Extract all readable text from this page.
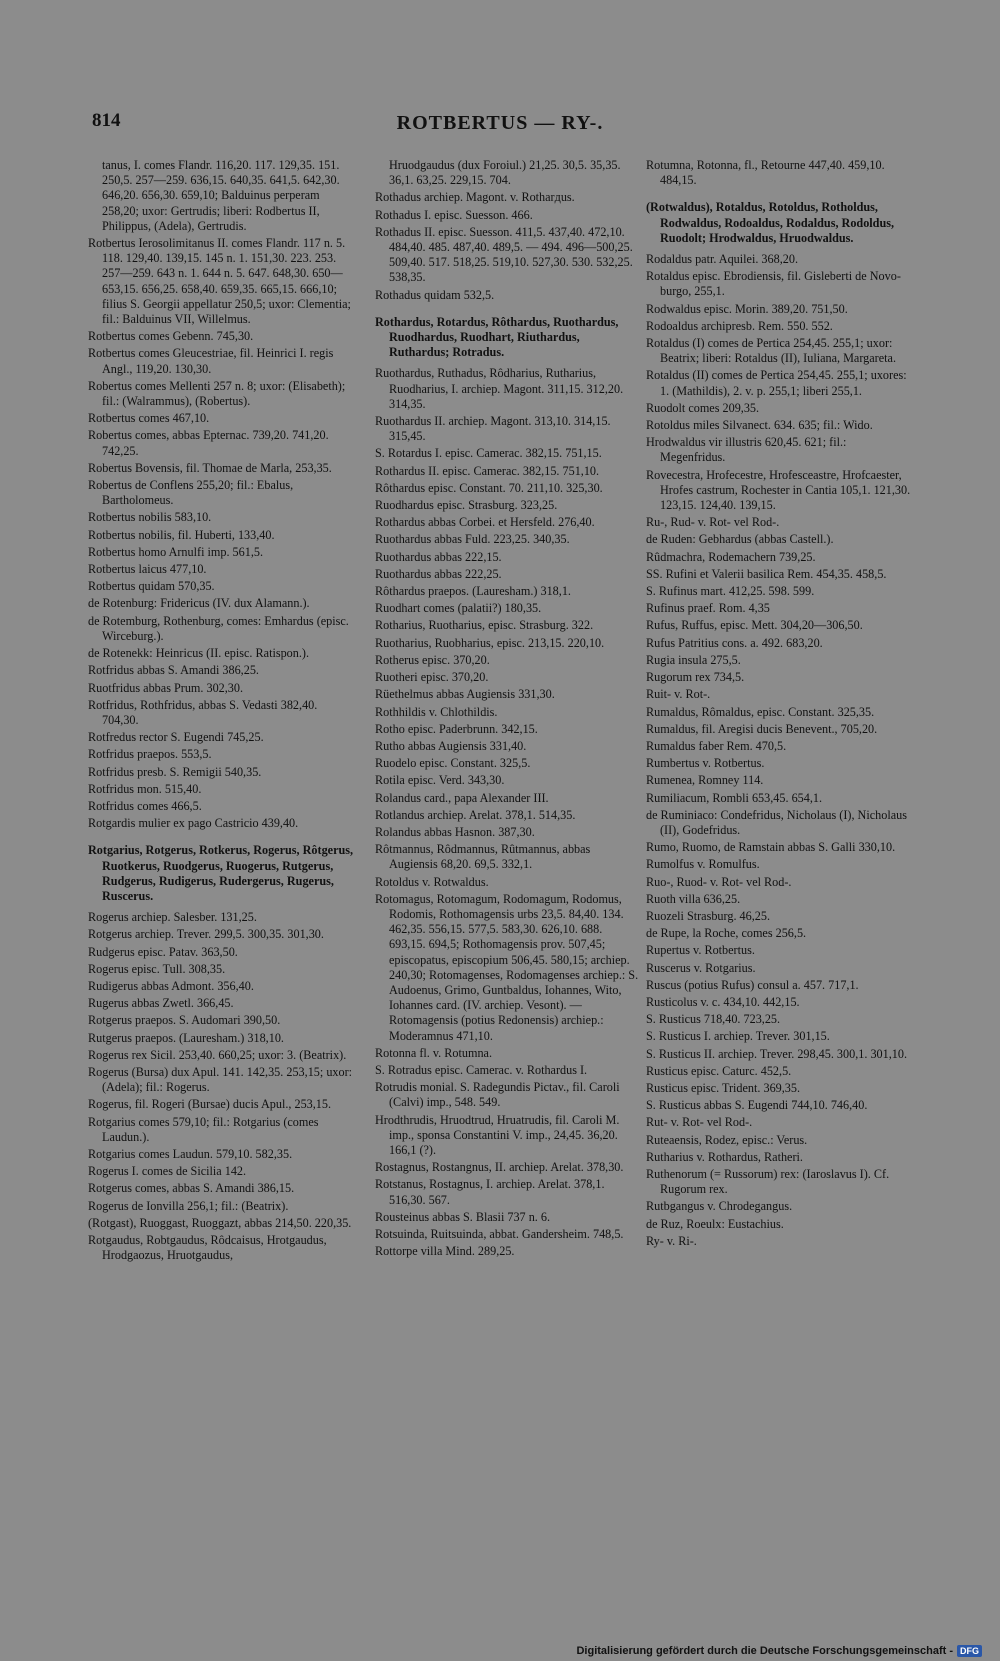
814	ROTBERTUS — RY-.

tanus, I. comes Flandr. 116,20. 117. 129,35. 151. 250,5. 257—259. 636,15. 640,35. 641,5. 642,30. 646,20. 656,30. 659,10; Balduinus perperam 258,20; uxor: Gertrudis; liberi: Rodbertus II, Philippus, (Adela), Gertrudis.

Rotbertus Ierosolimitanus II. comes Flandr. 117 n. 5. 118. 129,40. 139,15. 145 n. 1. 151,30. 223. 253. 257—259. 643 n. 1. 644 n. 5. 647. 648,30. 650—653,15. 656,25. 658,40. 659,35. 665,15. 666,10; filius S. Georgii appellatur 250,5; uxor: Clementia; fil.: Balduinus VII, Willelmus.

Rotbertus comes Gebenn. 745,30.

Rotbertus comes Gleucestriae, fil. Heinrici I. regis Angl., 119,20. 130,30.

Robertus comes Mellenti 257 n. 8; uxor: (Elisabeth); fil.: (Walrammus), (Robertus).

Rotbertus comes 467,10.

Robertus comes, abbas Epternac. 739,20. 741,20. 742,25.

Robertus Bovensis, fil. Thomae de Marla, 253,35.

Robertus de Conflens 255,20; fil.: Ebalus, Bartholomeus.

Rotbertus nobilis 583,10.

Rotbertus nobilis, fil. Huberti, 133,40.

Rotbertus homo Arnulfi imp. 561,5.

Rotbertus laicus 477,10.

Rotbertus quidam 570,35.

de Rotenburg: Fridericus (IV. dux Alamann.).

de Rotemburg, Rothenburg, comes: Emhardus (episc. Wirceburg.).

de Rotenekk: Heinricus (II. episc. Ratispon.).

Rotfridus abbas S. Amandi 386,25.

Ruotfridus abbas Prum. 302,30.

Rotfridus, Rothfridus, abbas S. Vedasti 382,40. 704,30.

Rotfredus rector S. Eugendi 745,25.

Rotfridus praepos. 553,5.

Rotfridus presb. S. Remigii 540,35.

Rotfridus mon. 515,40.

Rotfridus comes 466,5.

Rotgardis mulier ex pago Castricio 439,40.

Rotgarius, Rotgerus, Rotkerus, Rogerus, Rôtgerus, Ruotkerus, Ruodgerus, Ruogerus, Rutgerus, Rudgerus, Rudigerus, Rudergerus, Rugerus, Ruscerus.

Rogerus archiep. Salesber. 131,25.

Rotgerus archiep. Trever. 299,5. 300,35. 301,30.

Rudgerus episc. Patav. 363,50.

Rogerus episc. Tull. 308,35.

Rudigerus abbas Admont. 356,40.

Rugerus abbas Zwetl. 366,45.

Rotgerus praepos. S. Audomari 390,50.

Rutgerus praepos. (Lauresham.) 318,10.

Rogerus rex Sicil. 253,40. 660,25; uxor: 3. (Beatrix).

Rogerus (Bursa) dux Apul. 141. 142,35. 253,15; uxor: (Adela); fil.: Rogerus.

Rogerus, fil. Rogeri (Bursae) ducis Apul., 253,15.

Rotgarius comes 579,10; fil.: Rotgarius (comes Laudun.).

Rotgarius comes Laudun. 579,10. 582,35.

Rogerus I. comes de Sicilia 142.

Rotgerus comes, abbas S. Amandi 386,15.

Rogerus de Ionvilla 256,1; fil.: (Beatrix).

(Rotgast), Ruoggast, Ruoggazt, abbas 214,50. 220,35.

Rotgaudus, Robtgaudus, Rôdcaisus, Hrotgaudus, Hrodgaozus, Hruotgaudus,

Hruodgaudus (dux Foroiul.) 21,25. 30,5. 35,35. 36,1. 63,25. 229,15. 704.

Rothadus archiep. Magont. v. Rotharдus.

Rothadus I. episc. Suesson. 466.

Rothadus II. episc. Suesson. 411,5. 437,40. 472,10. 484,40. 485. 487,40. 489,5. — 494. 496—500,25. 509,40. 517. 518,25. 519,10. 527,30. 530. 532,25. 538,35.

Rothadus quidam 532,5.

Rothardus, Rotardus, Rôthardus, Ruothardus, Ruodhardus, Ruodhart, Riuthardus, Ruthardus; Rotradus.

Ruothardus, Ruthadus, Rôdharius, Rutharius, Ruodharius, I. archiep. Magont. 311,15. 312,20. 314,35.

Ruothardus II. archiep. Magont. 313,10. 314,15. 315,45.

S. Rotardus I. episc. Camerac. 382,15. 751,15.

Rothardus II. episc. Camerac. 382,15. 751,10.

Rôthardus episc. Constant. 70. 211,10. 325,30.

Ruodhardus episc. Strasburg. 323,25.

Rothardus abbas Corbei. et Hersfeld. 276,40.

Ruothardus abbas Fuld. 223,25. 340,35.

Ruothardus abbas 222,15.

Ruothardus abbas 222,25.

Rôthardus praepos. (Lauresham.) 318,1.

Ruodhart comes (palatii?) 180,35.

Rotharius, Ruotharius, episc. Strasburg. 322.

Ruotharius, Ruobharius, episc. 213,15. 220,10.

Rotherus episc. 370,20.

Ruotheri episc. 370,20.

Rüethelmus abbas Augiensis 331,30.

Rothhildis v. Chlothildis.

Rotho episc. Paderbrunn. 342,15.

Rutho abbas Augiensis 331,40.

Ruodelo episc. Constant. 325,5.

Rotila episc. Verd. 343,30.

Rolandus card., papa Alexander III.

Rotlandus archiep. Arelat. 378,1. 514,35.

Rolandus abbas Hasnon. 387,30.

Rôtmannus, Rôdmannus, Rûtmannus, abbas Augiensis 68,20. 69,5. 332,1.

Rotoldus v. Rotwaldus.

Rotomagus, Rotomagum, Rodomagum, Rodomus, Rodomis, Rothomagensis urbs 23,5. 84,40. 134. 462,35. 556,15. 577,5. 583,30. 626,10. 688. 693,15. 694,5; Rothomagensis prov. 507,45; episcopatus, episcopium 506,45. 580,15; archiep. 240,30; Rotomagenses, Rodomagenses archiep.: S. Audoenus, Grimo, Guntbaldus, Iohannes, Wito, Iohannes card. (IV. archiep. Vesont). — Rotomagensis (potius Redonensis) archiep.: Moderamnus 471,10.

Rotonna fl. v. Rotumna.

S. Rotradus episc. Camerac. v. Rothardus I.

Rotrudis monial. S. Radegundis Pictav., fil. Caroli (Calvi) imp., 548. 549.

Hrodthrudis, Hruodtrud, Hruatrudis, fil. Caroli M. imp., sponsa Constantini V. imp., 24,45. 36,20. 166,1 (?).

Rostagnus, Rostangnus, II. archiep. Arelat. 378,30.

Rotstanus, Rostagnus, I. archiep. Arelat. 378,1. 516,30. 567.

Rousteinus abbas S. Blasii 737 n. 6.

Rotsuinda, Ruitsuinda, abbat. Gandersheim. 748,5.

Rottorpe villa Mind. 289,25.

Rotumna, Rotonna, fl., Retourne 447,40. 459,10. 484,15.

(Rotwaldus), Rotaldus, Rotoldus, Rotholdus, Rodwaldus, Rodoaldus, Rodaldus, Rodoldus, Ruodolt; Hrodwaldus, Hruodwaldus.

Rodaldus patr. Aquilei. 368,20.

Rotaldus episc. Ebrodiensis, fil. Gisleberti de Novo-burgo, 255,1.

Rodwaldus episc. Morin. 389,20. 751,50.

Rodoaldus archipresb. Rem. 550. 552.

Rotaldus (I) comes de Pertica 254,45. 255,1; uxor: Beatrix; liberi: Rotaldus (II), Iuliana, Margareta.

Rotaldus (II) comes de Pertica 254,45. 255,1; uxores: 1. (Mathildis), 2. v. p. 255,1; liberi 255,1.

Ruodolt comes 209,35.

Rotoldus miles Silvanect. 634. 635; fil.: Wido.

Hrodwaldus vir illustris 620,45. 621; fil.: Megenfridus.

Rovecestra, Hrofecestre, Hrofesceastre, Hrofcaester, Hrofes castrum, Rochester in Cantia 105,1. 121,30. 123,15. 124,40. 139,15.

Ru-, Rud- v. Rot- vel Rod-.

de Ruden: Gebhardus (abbas Castell.).

Rûdmachra, Rodemachern 739,25.

SS. Rufini et Valerii basilica Rem. 454,35. 458,5.

S. Rufinus mart. 412,25. 598. 599.

Rufinus praef. Rom. 4,35

Rufus, Ruffus, episc. Mett. 304,20—306,50.

Rufus Patritius cons. a. 492. 683,20.

Rugia insula 275,5.

Rugorum rex 734,5.

Ruit- v. Rot-.

Rumaldus, Rômaldus, episc. Constant. 325,35.

Rumaldus, fil. Aregisi ducis Benevent., 705,20.

Rumaldus faber Rem. 470,5.

Rumbertus v. Rotbertus.

Rumenea, Romney 114.

Rumiliacum, Rombli 653,45. 654,1.

de Ruminiaco: Condefridus, Nicholaus (I), Nicholaus (II), Godefridus.

Rumo, Ruomo, de Ramstain abbas S. Galli 330,10.

Rumolfus v. Romulfus.

Ruo-, Ruod- v. Rot- vel Rod-.

Ruoth villa 636,25.

Ruozeli Strasburg. 46,25.

de Rupe, la Roche, comes 256,5.

Rupertus v. Rotbertus.

Ruscerus v. Rotgarius.

Ruscus (potius Rufus) consul a. 457. 717,1.

Rusticolus v. c. 434,10. 442,15.

S. Rusticus 718,40. 723,25.

S. Rusticus I. archiep. Trever. 301,15.

S. Rusticus II. archiep. Trever. 298,45. 300,1. 301,10.

Rusticus episc. Caturc. 452,5.

Rusticus episc. Trident. 369,35.

S. Rusticus abbas S. Eugendi 744,10. 746,40.

Rut- v. Rot- vel Rod-.

Ruteaensis, Rodez, episc.: Verus.

Rutharius v. Rothardus, Ratheri.

Ruthenorum (= Russorum) rex: (Iaroslavus I). Cf. Rugorum rex.

Rutbgangus v. Chrodegangus.

de Ruz, Roeulx: Eustachius.

Ry- v. Ri-.

Digitalisierung gefördert durch die Deutsche Forschungsgemeinschaft - DFG
